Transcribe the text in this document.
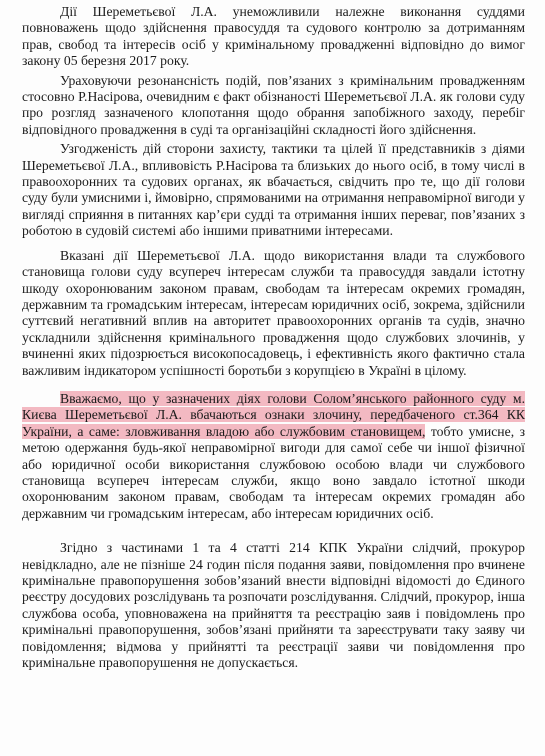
Дії Шереметьєвої Л.А. унеможливили належне виконання суддями повноважень щодо здійснення правосуддя та судового контролю за дотриманням прав, свобод та інтересів осіб у кримінальному провадженні відповідно до вимог закону 05 березня 2017 року.

Ураховуючи резонансність подій, пов’язаних з кримінальним провадженням стосовно Р.Насірова, очевидним є факт обізнаності Шереметьєвої Л.А. як голови суду про розгляд зазначеного клопотання щодо обрання запобіжного заходу, перебіг відповідного провадження в суді та організаційні складності його здійснення.

Узгодженість дій сторони захисту, тактики та цілей її представників з діями Шереметьєвої Л.А., впливовість Р.Насірова та близьких до нього осіб, в тому числі в правоохоронних та судових органах, як вбачається, свідчить про те, що дії голови суду були умисними і, ймовірно, спрямованими на отримання неправомірної вигоди у вигляді сприяння в питаннях кар’єри судді та отримання інших переваг, пов’язаних з роботою в судовій системі або іншими приватними інтересами.

Вказані дії Шереметьєвої Л.А. щодо використання влади та службового становища голови суду всупереч інтересам служби та правосуддя завдали істотну шкоду охоронюваним законом правам, свободам та інтересам окремих громадян, державним та громадським інтересам, інтересам юридичних осіб, зокрема, здійснили суттєвий негативний вплив на авторитет правоохоронних органів та судів, значно ускладнили здійснення кримінального провадження щодо службових злочинів, у вчиненні яких підозрюється високопосадовець, і ефективність якого фактично стала важливим індикатором успішності боротьби з корупцією в Україні в цілому.

Вважаємо, що у зазначених діях голови Солом’янського районного суду м. Києва Шереметьєвої Л.А. вбачаються ознаки злочину, передбаченого ст.364 КК України, а саме: зловживання владою або службовим становищем, тобто умисне, з метою одержання будь-якої неправомірної вигоди для самої себе чи іншої фізичної або юридичної особи використання службовою особою влади чи службового становища всупереч інтересам служби, якщо воно завдало істотної шкоди охоронюваним законом правам, свободам та інтересам окремих громадян або державним чи громадським інтересам, або інтересам юридичних осіб.

Згідно з частинами 1 та 4 статті 214 КПК України слідчий, прокурор невідкладно, але не пізніше 24 годин після подання заяви, повідомлення про вчинене кримінальне правопорушення зобов’язаний внести відповідні відомості до Єдиного реєстру досудових розслідувань та розпочати розслідування. Слідчий, прокурор, інша службова особа, уповноважена на прийняття та реєстрацію заяв і повідомлень про кримінальні правопорушення, зобов’язані прийняти та зареєструвати таку заяву чи повідомлення; відмова у прийнятті та реєстрації заяви чи повідомлення про кримінальне правопорушення не допускається.
